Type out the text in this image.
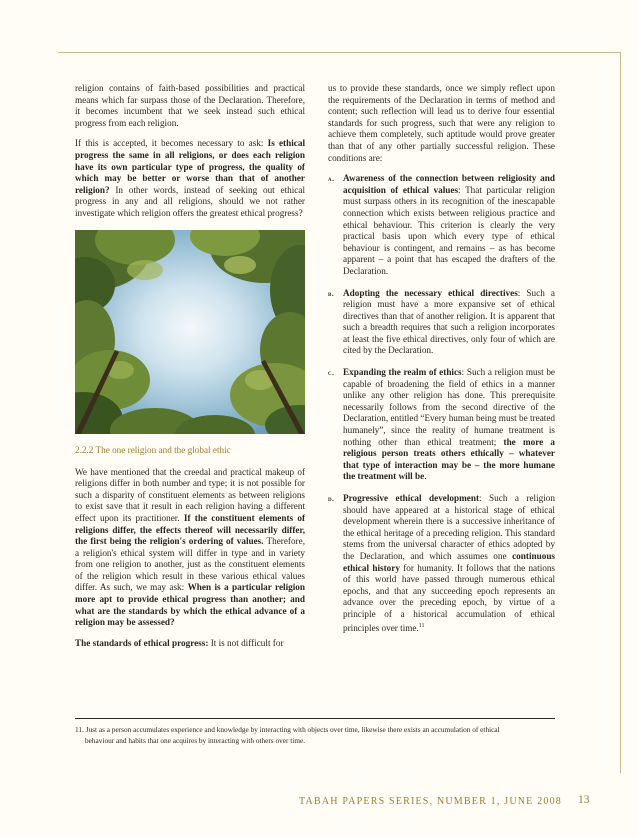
religion contains of faith-based possibilities and practical means which far surpass those of the Declaration. Therefore, it becomes incumbent that we seek instead such ethical progress from each religion.

If this is accepted, it becomes necessary to ask: Is ethical progress the same in all religions, or does each religion have its own particular type of progress, the quality of which may be better or worse than that of another religion? In other words, instead of seeking out ethical progress in any and all religions, should we not rather investigate which religion offers the greatest ethical progress?

2.2.2 The one religion and the global ethic

We have mentioned that the creedal and practical makeup of religions differ in both number and type; it is not possible for such a disparity of constituent elements as between religions to exist save that it result in each religion having a different effect upon its practitioner. If the constituent elements of religions differ, the effects thereof will necessarily differ, the first being the religion's ordering of values. Therefore, a religion's ethical system will differ in type and in variety from one religion to another, just as the constituent elements of the religion which result in these various ethical values differ. As such, we may ask: When is a particular religion more apt to provide ethical progress than another; and what are the standards by which the ethical advance of a religion may be assessed?

The standards of ethical progress: It is not difficult for

us to provide these standards, once we simply reflect upon the requirements of the Declaration in terms of method and content; such reflection will lead us to derive four essential standards for such progress, such that were any religion to achieve them completely, such aptitude would prove greater than that of any other partially successful religion. These conditions are:

a. Awareness of the connection between religiosity and acquisition of ethical values: That particular religion must surpass others in its recognition of the inescapable connection which exists between religious practice and ethical behaviour. This criterion is clearly the very practical basis upon which every type of ethical behaviour is contingent, and remains – as has become apparent – a point that has escaped the drafters of the Declaration.

b. Adopting the necessary ethical directives: Such a religion must have a more expansive set of ethical directives than that of another religion. It is apparent that such a breadth requires that such a religion incorporates at least the five ethical directives, only four of which are cited by the Declaration.

c. Expanding the realm of ethics: Such a religion must be capable of broadening the field of ethics in a manner unlike any other religion has done. This prerequisite necessarily follows from the second directive of the Declaration, entitled “Every human being must be treated humanely”, since the reality of humane treatment is nothing other than ethical treatment; the more a religious person treats others ethically – whatever that type of interaction may be – the more humane the treatment will be.

d. Progressive ethical development: Such a religion should have appeared at a historical stage of ethical development wherein there is a successive inheritance of the ethical heritage of a preceding religion. This standard stems from the universal character of ethics adopted by the Declaration, and which assumes one continuous ethical history for humanity. It follows that the nations of this world have passed through numerous ethical epochs, and that any succeeding epoch represents an advance over the preceding epoch, by virtue of a principle of a historical accumulation of ethical principles over time.$^{11}$

11. Just as a person accumulates experience and knowledge by interacting with objects over time, likewise there exists an accumulation of ethical
behaviour and habits that one acquires by interacting with others over time.
TABAH PAPERS SERIES, NUMBER 1, JUNE 2008 13
